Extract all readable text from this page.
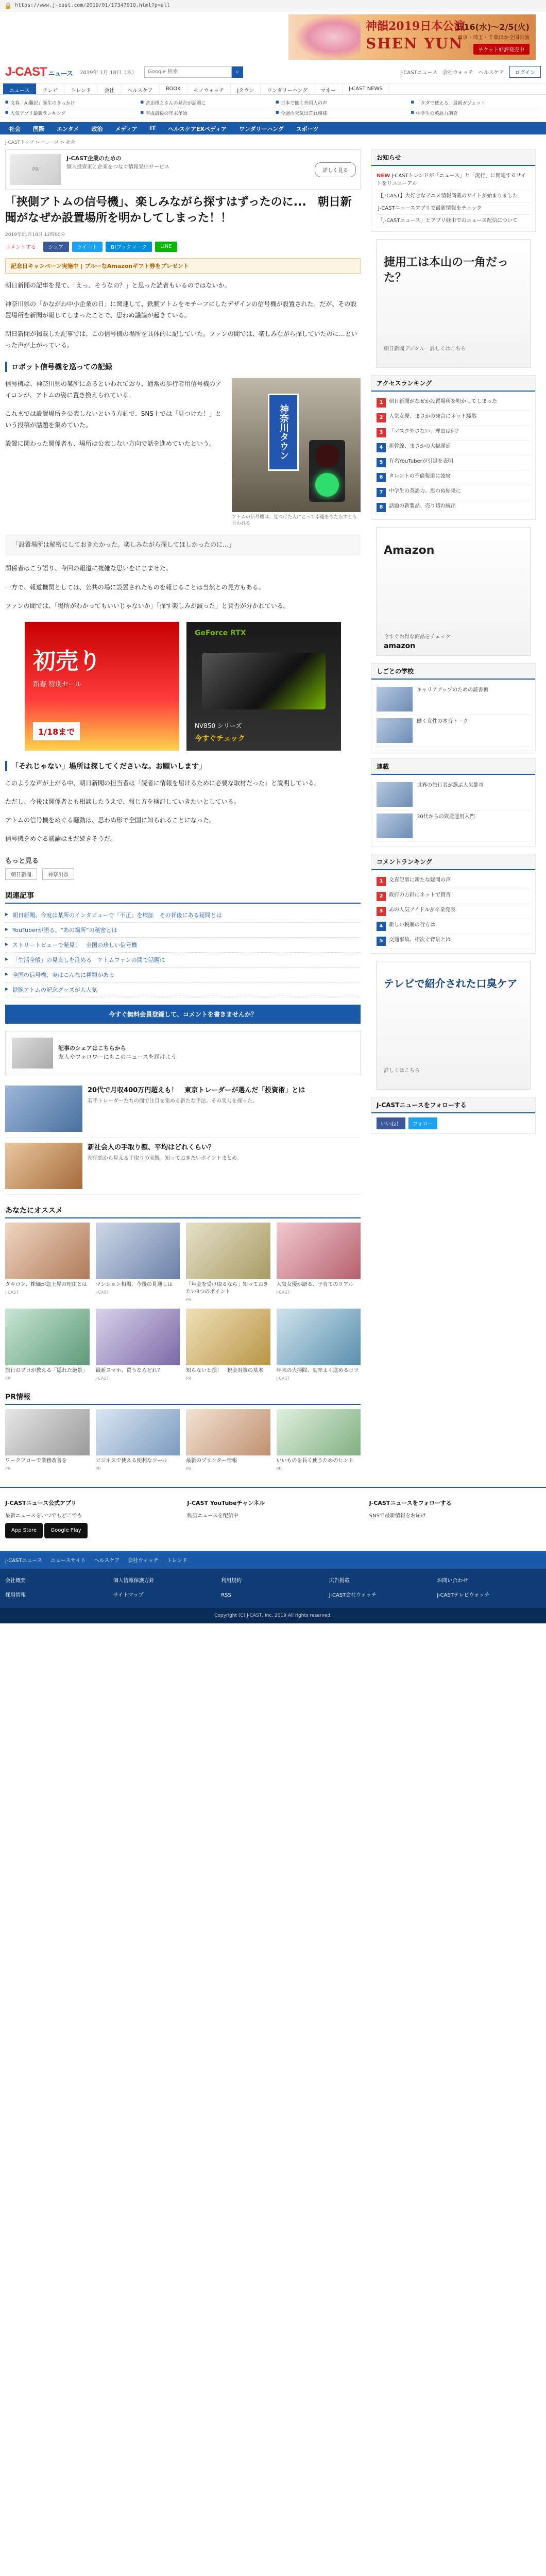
🔒 https://www.j-cast.com/2019/01/17347910.html?p=all
神韻2019日本公演
SHEN YUN
1/16(水)〜2/5(火)
東京・埼玉・千葉ほか全国公演
チケット好評発売中
J-CAST ニュース 2019年 1月 18日（木）
Google 検索	⌕	J-CASTニュース 会社ウォッチ ヘルスケア	ログイン
ニュース	テレビ	トレンド	会社	ヘルスケア	BOOK	モノウォッチ	Jタウン	ワンダリーハング	マネー	J-CAST NEWS
■ 文春「AI翻訳」誕生のきっかけ	■ 宮迫博之さんの発言が話題に	■ 日本で働く外国人の声	■ 「タダで使える」最新ガジェット
■ 人気アプリ最新ランキング	■ 平成最後の年末年始	■ 今週の天気は荒れ模様	■ 中学生の英語力調査
社会	国際	エンタメ	政治	メディア	IT	ヘルスケアEXペディア	ワンダリーハング	スポーツ
J-CASTトップ > ニュース > 社会
PR
J-CAST企業のための
個人投資家と企業をつなぐ情報発信サービス
詳しく見る
「挟側アトムの信号機」、楽しみながら探すはずったのに...　朝日新聞がなぜか設置場所を明かしてしまった！！
2019年01月18日 12時00分
コメントする	シェア	ツイート	B!ブックマーク	LINE
記念日キャンペーン実施中 | ブルーなAmazonギフト券をプレゼント

朝日新聞の記事を見て、「えっ、そうなの？」と思った読者もいるのではないか。

神奈川県の「かながわ中小企業の日」に関連して、鉄腕アトムをモチーフにしたデザインの信号機が設置された。だが、その設置場所を新聞が報じてしまったことで、思わぬ議論が起きている。

朝日新聞が掲載した記事では、この信号機の場所を具体的に記していた。ファンの間では、楽しみながら探していたのに…といった声が上がっている。

ロボット信号機を巡っての記録

信号機は、神奈川県の某所にあるといわれており、通常の歩行者用信号機のアイコンが、アトムの姿に置き換えられている。

これまでは設置場所を公表しないという方針で、SNS上では「見つけた！」という投稿が話題を集めていた。

設置に関わった関係者も、場所は公表しない方向で話を進めていたという。	神奈川タウン
アトムの信号機は、見つけた人にとって幸運をもたらすとも言われる
「設置場所は秘密にしておきたかった。楽しみながら探してほしかったのに…」

関係者はこう語り、今回の報道に複雑な思いをにじませた。

一方で、報道機関としては、公共の場に設置されたものを報じることは当然との見方もある。

ファンの間では、「場所がわかってもいいじゃないか」「探す楽しみが減った」と賛否が分かれている。

初売り
新春 特別セール
1/18まで
GeForce RTX
NV850 シリーズ
今すぐチェック
「それじゃない」場所は探してくださいな。お願いします」

このような声が上がる中、朝日新聞の担当者は「読者に情報を届けるために必要な取材だった」と説明している。

ただし、今後は関係者とも相談したうえで、報じ方を検討していきたいとしている。

アトムの信号機をめぐる騒動は、思わぬ形で全国に知られることになった。

信号機をめぐる議論はまだ続きそうだ。

もっと見る
朝日新聞	神奈川県
関連記事
▶ 朝日新聞、今度は某所のインタビューで「不正」を検証　その背後にある疑問とは
▶ YouTuberが語る、“あの場所”の秘密とは
▶ ストリートビューで発見！　全国の珍しい信号機
▶ 「生活全般」の見直しを進める　アトムファンの間で話題に
▶ 全国の信号機、実はこんなに種類がある
▶ 鉄腕アトムの記念グッズが大人気
今すぐ無料会員登録して、コメントを書きませんか？
記事のシェアはこちらから
友人やフォロワーにもこのニュースを届けよう
20代で月収400万円超えも！　東京トレーダーが選んだ「投資術」とは
若手トレーダーたちの間で注目を集める新たな手法。その実力を探った。
新社会人の手取り額、平均はどれくらい？
初任給から見える手取りの実態。知っておきたいポイントまとめ。
あなたにオススメ
タキロン、株価が急上昇の理由とは
J-CAST
マンション相場、今後の見通しは
J-CAST
「年金を受け取るなら」知っておきたい3つのポイント
PR
人気女優が語る、子育てのリアル
J-CAST
旅行のプロが教える「隠れた絶景」
PR
最新スマホ、買うならどれ？
J-CAST
知らないと損！　税金対策の基本
PR
年末の大掃除、効率よく進めるコツ
J-CAST
PR情報
ワークフローで業務改善を
PR
ビジネスで使える便利なツール
PR
最新のプリンター情報
PR
いいものを長く使うためのヒント
PR
お知らせ
NEW J-CASTトレンドが「ニュース」と「流行」に関連するサイトをリニューアル
【J-CAST】大好きなアニメ情報満載のサイトが始まりました
J-CASTニュースアプリで最新情報をチェック
「J-CASTニュース」とアプリ経由でのニュース配信について
捷用工は本山の一角だった？
朝日新聞デジタル　詳しくはこちら
アクセスランキング
1	朝日新聞がなぜか設置場所を明かしてしまった
2	人気女優、まさかの発言にネット騒然
3	「マスク外さない」理由は何？
4	新幹線、まさかの大幅遅延
5	有名YouTuberが引退を表明
6	タレントの不倫報道に波紋
7	中学生の英語力、思わぬ結果に
8	話題の新製品、売り切れ続出
Amazon
今すぐお得な商品をチェック
amazon
しごとの学校
キャリアアップのための読書術
働く女性の本音トーク
連載
世界の旅行者が選ぶ人気都市
30代からの資産運用入門
コメントランキング
1	文春記事に新たな疑問の声
2	政府の方針にネットで賛否
3	あの人気アイドルが卒業発表
4	新しい税制の行方は
5	交通事故、相次ぐ背景とは
テレビで紹介された口臭ケア
詳しくはこちら
J-CASTニュースをフォローする
いいね！	フォロー
J-CASTニュース公式アプリ
最新ニュースをいつでもどこでも
App Store	Google Play
J-CAST YouTubeチャンネル
動画ニュースを配信中
J-CASTニュースをフォローする
SNSで最新情報をお届け
J-CASTニュース ニュースサイト ヘルスケア 会社ウォッチ トレンド
会社概要	個人情報保護方針	利用規約	広告掲載	お問い合わせ
採用情報	サイトマップ	RSS	J-CAST会社ウォッチ	J-CASTテレビウォッチ
Copyright (C) J-CAST, Inc. 2019 All rights reserved.
